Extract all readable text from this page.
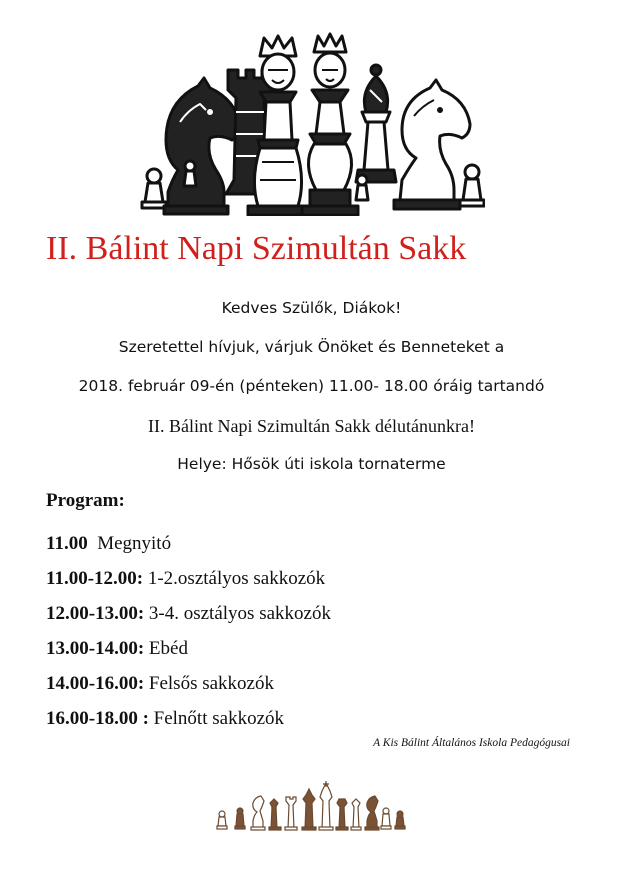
II. Bálint Napi Szimultán Sakk
Kedves Szülők, Diákok!
Szeretettel hívjuk, várjuk Önöket és Benneteket a
2018. február 09-én (pénteken) 11.00- 18.00 óráig tartandó
II. Bálint Napi Szimultán Sakk délutánunkra!
Helye: Hősök úti iskola tornaterme
Program:
11.00 Megnyitó
11.00-12.00: 1-2.osztályos sakkozók
12.00-13.00: 3-4. osztályos sakkozók
13.00-14.00: Ebéd
14.00-16.00: Felsős sakkozók
16.00-18.00 : Felnőtt sakkozók
A Kis Bálint Általános Iskola Pedagógusai
